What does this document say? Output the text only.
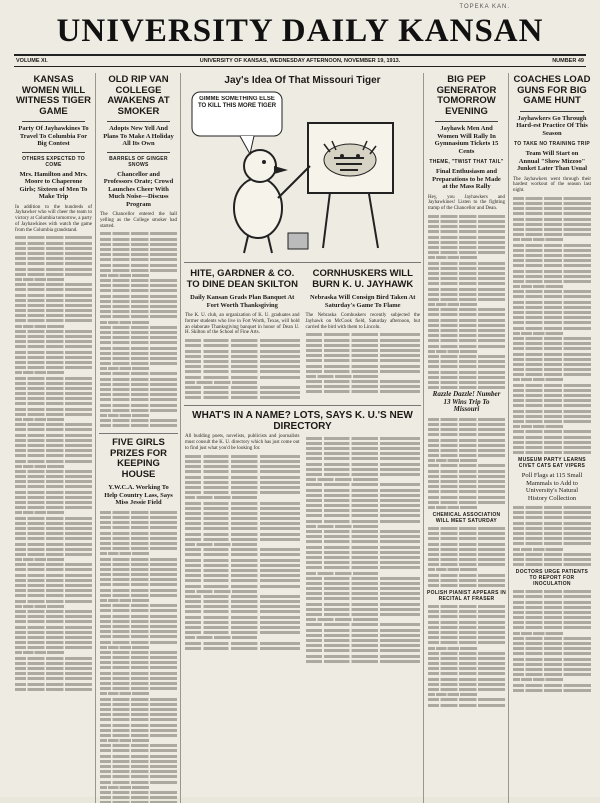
TOPEKA KAN.
UNIVERSITY DAILY KANSAN
VOLUME XI.	UNIVERSITY OF KANSAS, WEDNESDAY AFTERNOON, NOVEMBER 19, 1913.	NUMBER 49
KANSAS WOMEN WILL WITNESS TIGER GAME
Party Of Jayhawkines To Travel To Columbia For Big Contest
OTHERS EXPECTED TO COME
Mrs. Hamilton and Mrs. Moore to Chaperone Girls; Sixteen of Men To Make Trip
In addition to the hundreds of Jayhawker who will cheer the team to victory at Columbia tomorrow, a party of Jayhawkines with watch the game from the Columbia grandstand.
OLD RIP VAN COLLEGE AWAKENS AT SMOKER
Adopts New Yell And Plans To Make A Holiday All Its Own
BARRELS OF GINGER SNOWS
Chancellor and Professors Orate; Crowd Launches Cheer With Much Noise—Discuss Program
The Chancellor entered the hall yelling as the College smoker had started.
FIVE GIRLS PRIZES FOR KEEPING HOUSE
Y.W.C.A. Working To Help Country Lass, Says Miss Jessie Field
Jay's Idea Of That Missouri Tiger
GIMME SOMETHING ELSE TO KILL THIS MORE TIGER
HITE, GARDNER & CO. TO DINE DEAN SKILTON
Daily Kansan Grads Plan Banquet At Fort Worth Thanksgiving
The K. U. club, an organization of K. U. graduates and former students who live in Fort Worth, Texas, will hold an elaborate Thanksgiving banquet in honor of Dean U. H. Skilton of the School of Fine Arts.
CORNHUSKERS WILL BURN K. U. JAYHAWK
Nebraska Will Consign Bird Taken At Saturday's Game To Flame
The Nebraska Cornhuskers recently subjected the Jayhawk on McCook field, Saturday afternoon, but carried the bird with them to Lincoln.
WHAT'S IN A NAME? LOTS, SAYS K. U.'S NEW DIRECTORY
All budding poets, novelists, publicists and journalists must consult the K. U. directory which has just come out to find just what you'd be looking for.
BIG PEP GENERATOR TOMORROW EVENING
Jayhawk Men And Women Will Rally In Gymnasium Tickets 15 Cents
THEME, "TWIST THAT TAIL"
Final Enthusiasm and Preparations to be Made at the Mass Rally
Hey, you Jayhawkers and Jayhawkines! Listen to the fighting tramp of the Chancellor and Dean.
Razzle Dazzle! Number 13 Wins Trip To Missouri
CHEMICAL ASSOCIATION WILL MEET SATURDAY
POLISH PIANIST APPEARS IN RECITAL AT FRASER
COACHES LOAD GUNS FOR BIG GAME HUNT
Jayhawkers Go Through Hard-est Practice Of This Season
TO TAKE NO TRAINING TRIP
Team Will Start on Annual "Show Mizzoo" Junket Later Than Usual
The Jayhawkers went through their hardest workout of the season last night.
MUSEUM PARTY LEARNS CIVET CATS EAT VIPERS
Poll Flags at 115 Small Mammals to Add to University's Natural History Collection
DOCTORS URGE PATIENTS TO REPORT FOR INOCULATION
